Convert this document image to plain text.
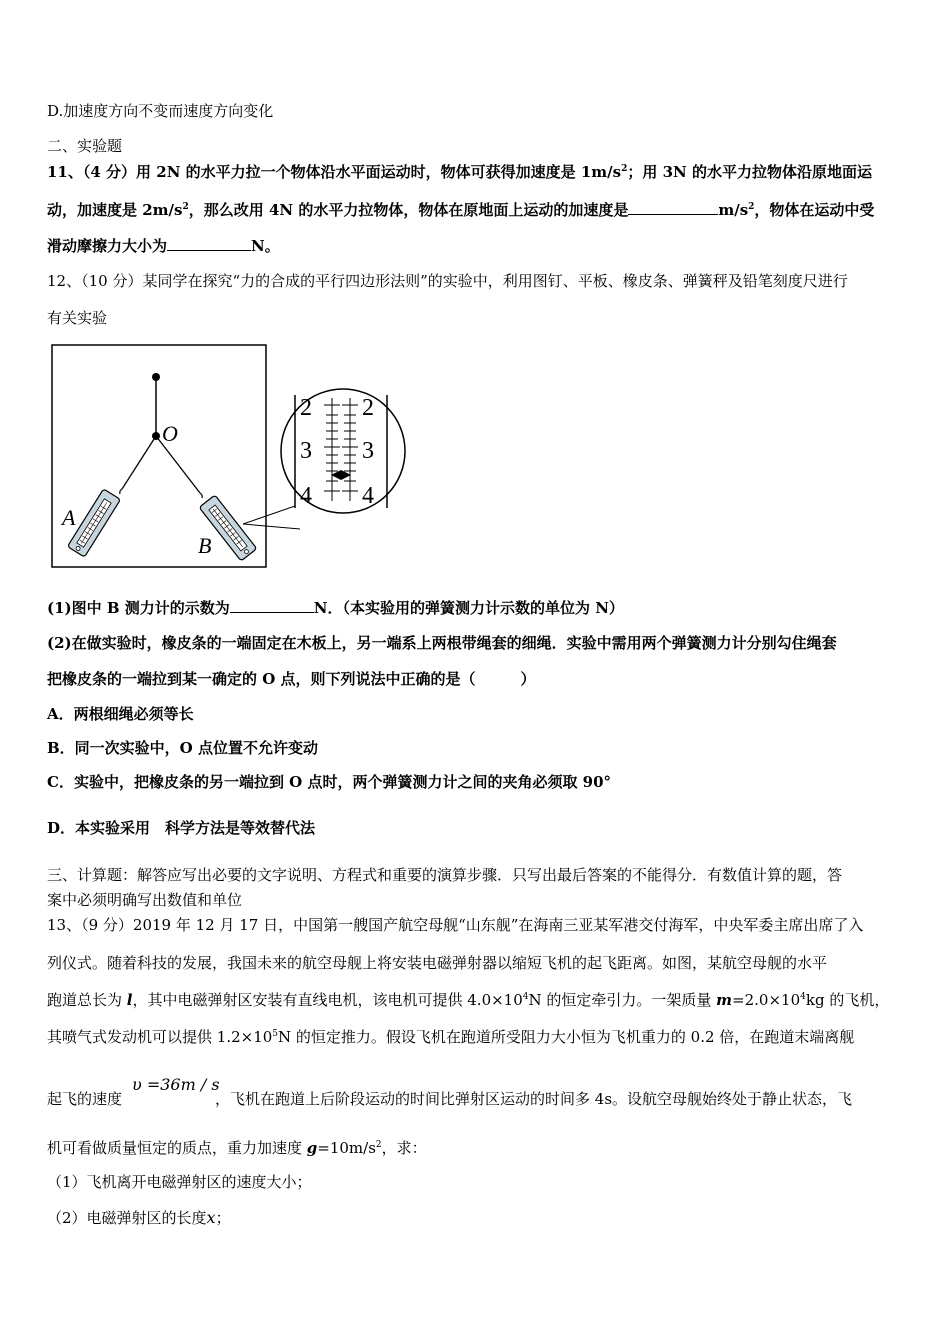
D.加速度方向不变而速度方向变化
二、实验题
11、（4 分）用 2N 的水平力拉一个物体沿水平面运动时，物体可获得加速度是 $1m/s^2$；用 3N 的水平力拉物体沿原地面运
动，加速度是 $2m/s^2$，那么改用 4N 的水平力拉物体，物体在原地面上运动的加速度是	$m/s^2$，物体在运动中受
滑动摩擦力大小为	N。
12、（10 分）某同学在探究“力的合成的平行四边形法则”的实验中，利用图钉、平板、橡皮条、弹簧秤及铅笔刻度尺进行
有关实验
O
A
B
2
3
4
2
3
4
(1)图中 B 测力计的示数为	N．（本实验用的弹簧测力计示数的单位为 N）
(2)在做实验时，橡皮条的一端固定在木板上，另一端系上两根带绳套的细绳．实验中需用两个弹簧测力计分别勾住绳套
把橡皮条的一端拉到某一确定的 O 点，则下列说法中正确的是（　　　）
A．两根细绳必须等长
B．同一次实验中，O 点位置不允许变动
C．实验中，把橡皮条的另一端拉到 O 点时，两个弹簧测力计之间的夹角必须取 90°
D．本实验采用　科学方法是等效替代法
三、计算题：解答应写出必要的文字说明、方程式和重要的演算步骤．只写出最后答案的不能得分．有数值计算的题，答
案中必须明确写出数值和单位
13、（9 分）2019 年 12 月 17 日，中国第一艘国产航空母舰“山东舰”在海南三亚某军港交付海军，中央军委主席出席了入
列仪式。随着科技的发展，我国未来的航空母舰上将安装电磁弹射器以缩短飞机的起飞距离。如图，某航空母舰的水平
跑道总长为 l，其中电磁弹射区安装有直线电机，该电机可提供 $4.0\times 10^4N$ 的恒定牵引力。一架质量 $m=2.0\times 10^4kg$ 的飞机，
其喷气式发动机可以提供 $1.2\times 10^5N$ 的恒定推力。假设飞机在跑道所受阻力大小恒为飞机重力的 0.2 倍，在跑道末端离舰
υ =36m / s
起飞的速度	，飞机在跑道上后阶段运动的时间比弹射区运动的时间多 4s。设航空母舰始终处于静止状态，飞
机可看做质量恒定的质点，重力加速度 $g=10m/s^2$，求：
（1）飞机离开电磁弹射区的速度大小；
（2）电磁弹射区的长度x；
